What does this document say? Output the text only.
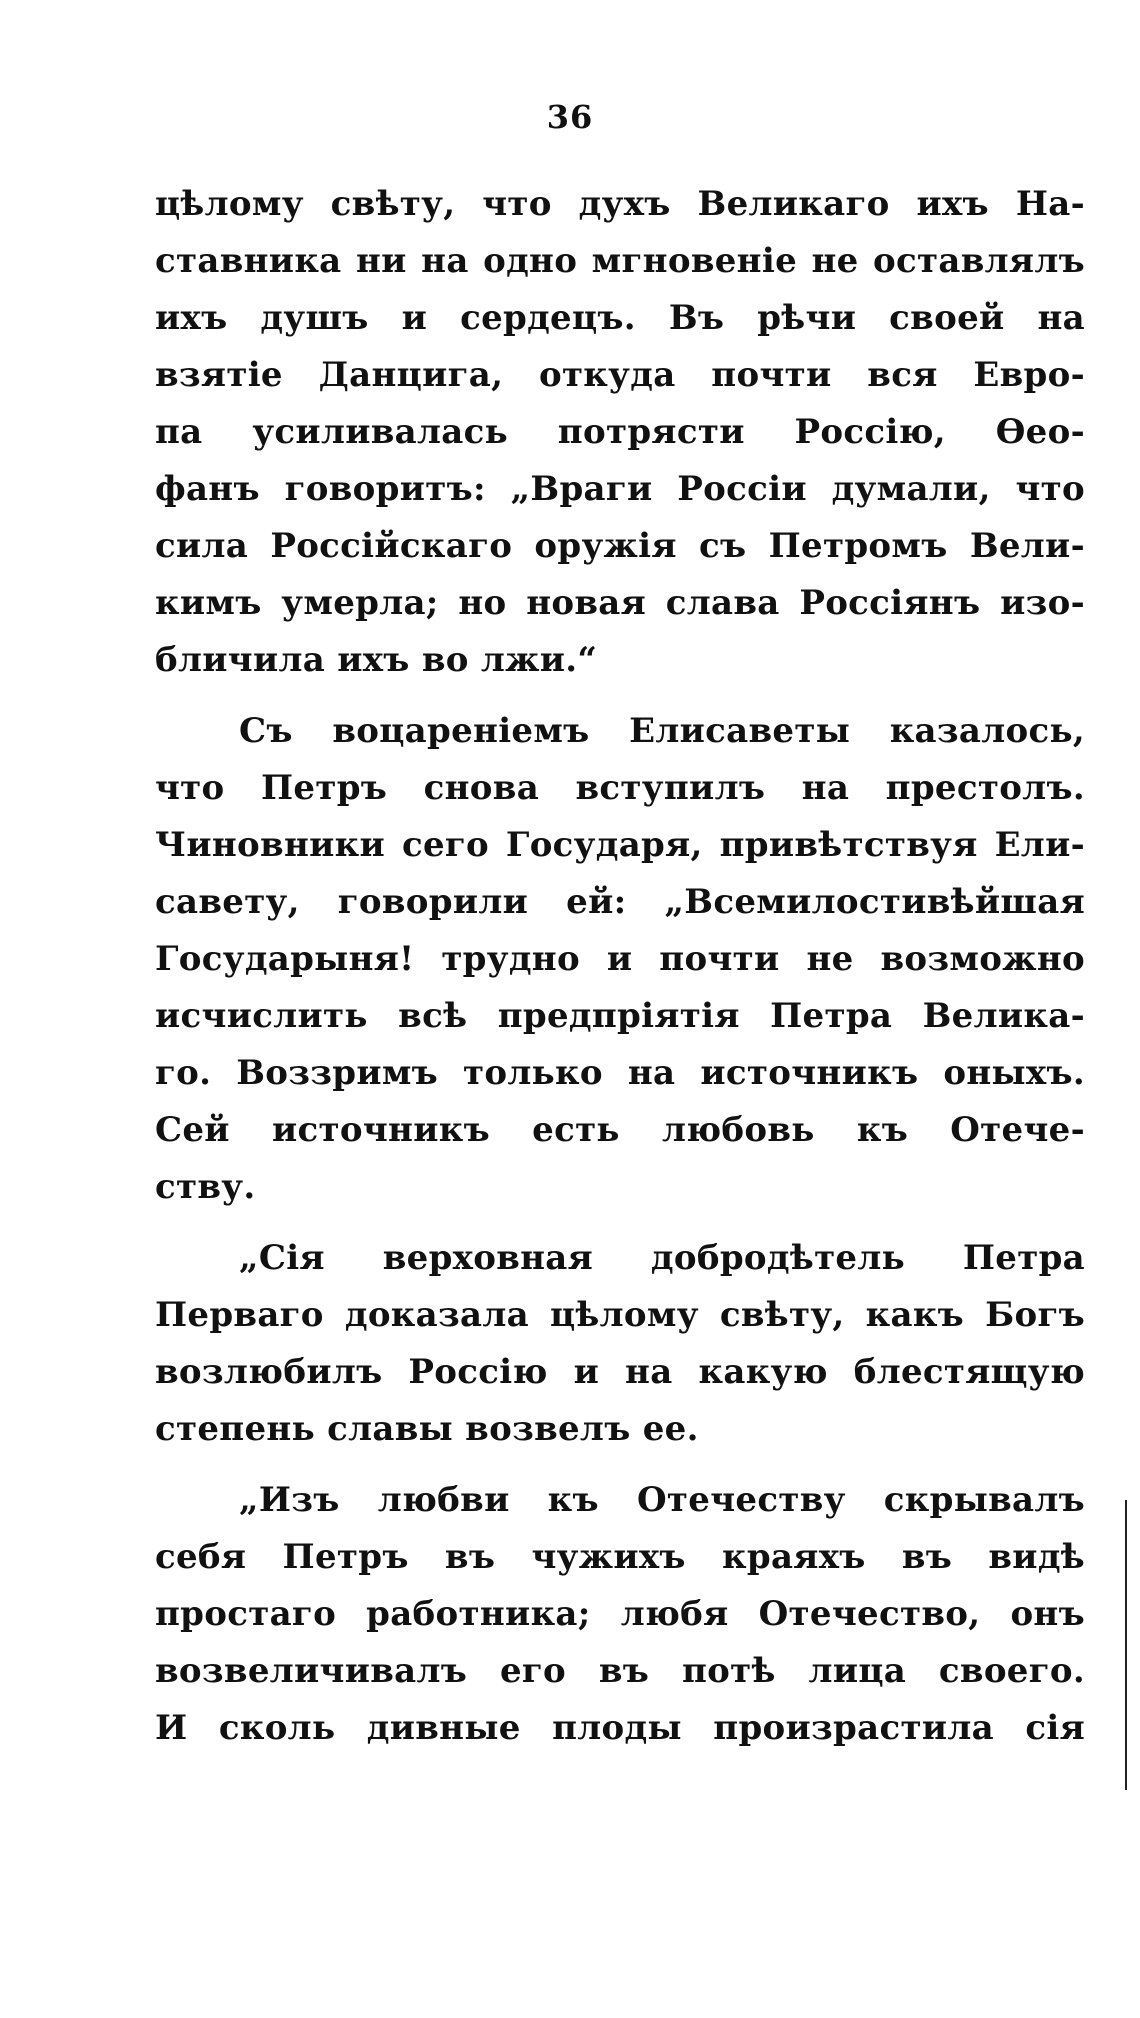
36
цѣлому свѣту, что духъ Великаго ихъ На-
ставника ни на одно мгновеніе не оставлялъ
ихъ душъ и сердецъ. Въ рѣчи своей на
взятіе Данцига, откуда почти вся Евро-
па усиливалась потрясти Россію, Ѳео-
фанъ говоритъ: „Враги Россіи думали, что
сила Россійскаго оружія съ Петромъ Вели-
кимъ умерла; но новая слава Россіянъ изо-
бличила ихъ во лжи.“
Съ воцареніемъ Елисаветы казалось,
что Петръ снова вступилъ на престолъ.
Чиновники сего Государя, привѣтствуя Ели-
савету, говорили ей: „Всемилостивѣйшая
Государыня! трудно и почти не возможно
исчислить всѣ предпріятія Петра Велика-
го. Воззримъ только на источникъ оныхъ.
Сей источникъ есть любовь къ Отече-
ству.
„Сія верховная добродѣтель Петра
Перваго доказала цѣлому свѣту, какъ Богъ
возлюбилъ Россію и на какую блестящую
степень славы возвелъ ее.
„Изъ любви къ Отечеству скрывалъ
себя Петръ въ чужихъ краяхъ въ видѣ
простаго работника; любя Отечество, онъ
возвеличивалъ его въ потѣ лица своего.
И сколь дивные плоды произрастила сія
